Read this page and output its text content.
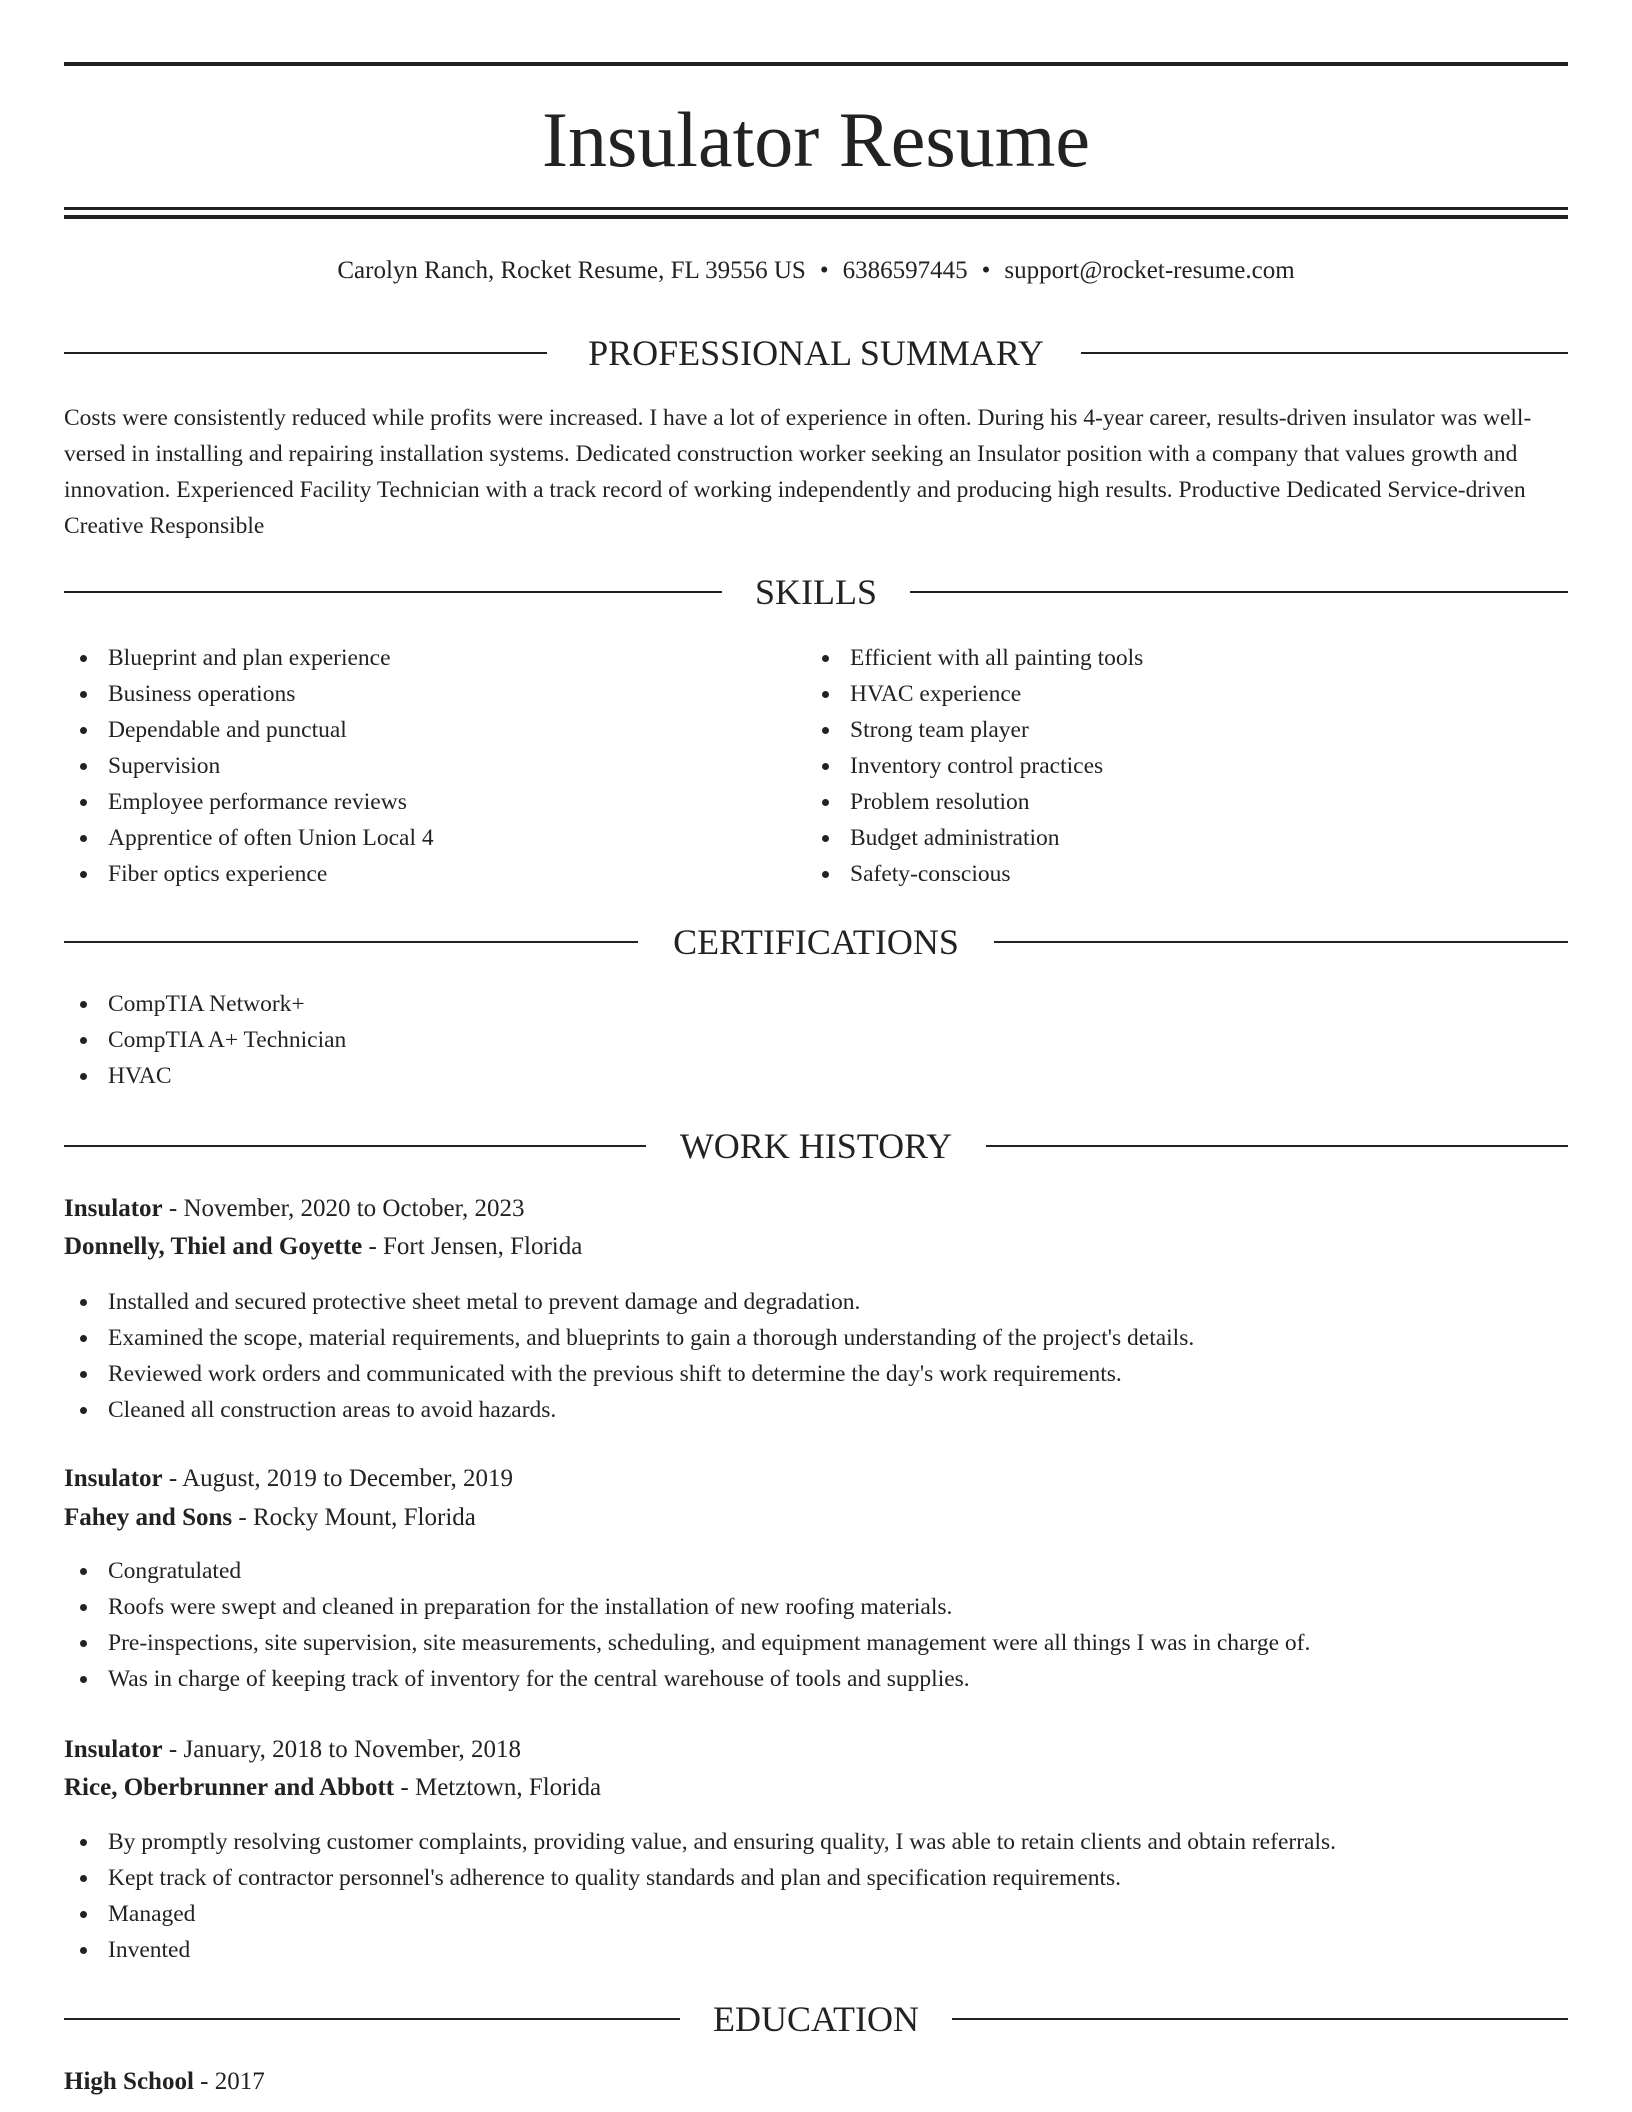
Insulator Resume
Carolyn Ranch, Rocket Resume, FL 39556 US • 6386597445 • support@rocket-resume.com
PROFESSIONAL SUMMARY

Costs were consistently reduced while profits were increased. I have a lot of experience in often. During his 4-year career, results-driven insulator was well-versed in installing and repairing installation systems. Dedicated construction worker seeking an Insulator position with a company that values growth and innovation. Experienced Facility Technician with a track record of working independently and producing high results. Productive Dedicated Service-driven Creative Responsible

SKILLS
Blueprint and plan experience
Business operations
Dependable and punctual
Supervision
Employee performance reviews
Apprentice of often Union Local 4
Fiber optics experience
Efficient with all painting tools
HVAC experience
Strong team player
Inventory control practices
Problem resolution
Budget administration
Safety-conscious
CERTIFICATIONS
CompTIA Network+
CompTIA A+ Technician
HVAC
WORK HISTORY
Insulator - November, 2020 to October, 2023
Donnelly, Thiel and Goyette - Fort Jensen, Florida
Installed and secured protective sheet metal to prevent damage and degradation.
Examined the scope, material requirements, and blueprints to gain a thorough understanding of the project's details.
Reviewed work orders and communicated with the previous shift to determine the day's work requirements.
Cleaned all construction areas to avoid hazards.
Insulator - August, 2019 to December, 2019
Fahey and Sons - Rocky Mount, Florida
Congratulated
Roofs were swept and cleaned in preparation for the installation of new roofing materials.
Pre-inspections, site supervision, site measurements, scheduling, and equipment management were all things I was in charge of.
Was in charge of keeping track of inventory for the central warehouse of tools and supplies.
Insulator - January, 2018 to November, 2018
Rice, Oberbrunner and Abbott - Metztown, Florida
By promptly resolving customer complaints, providing value, and ensuring quality, I was able to retain clients and obtain referrals.
Kept track of contractor personnel's adherence to quality standards and plan and specification requirements.
Managed
Invented
EDUCATION
High School - 2017
